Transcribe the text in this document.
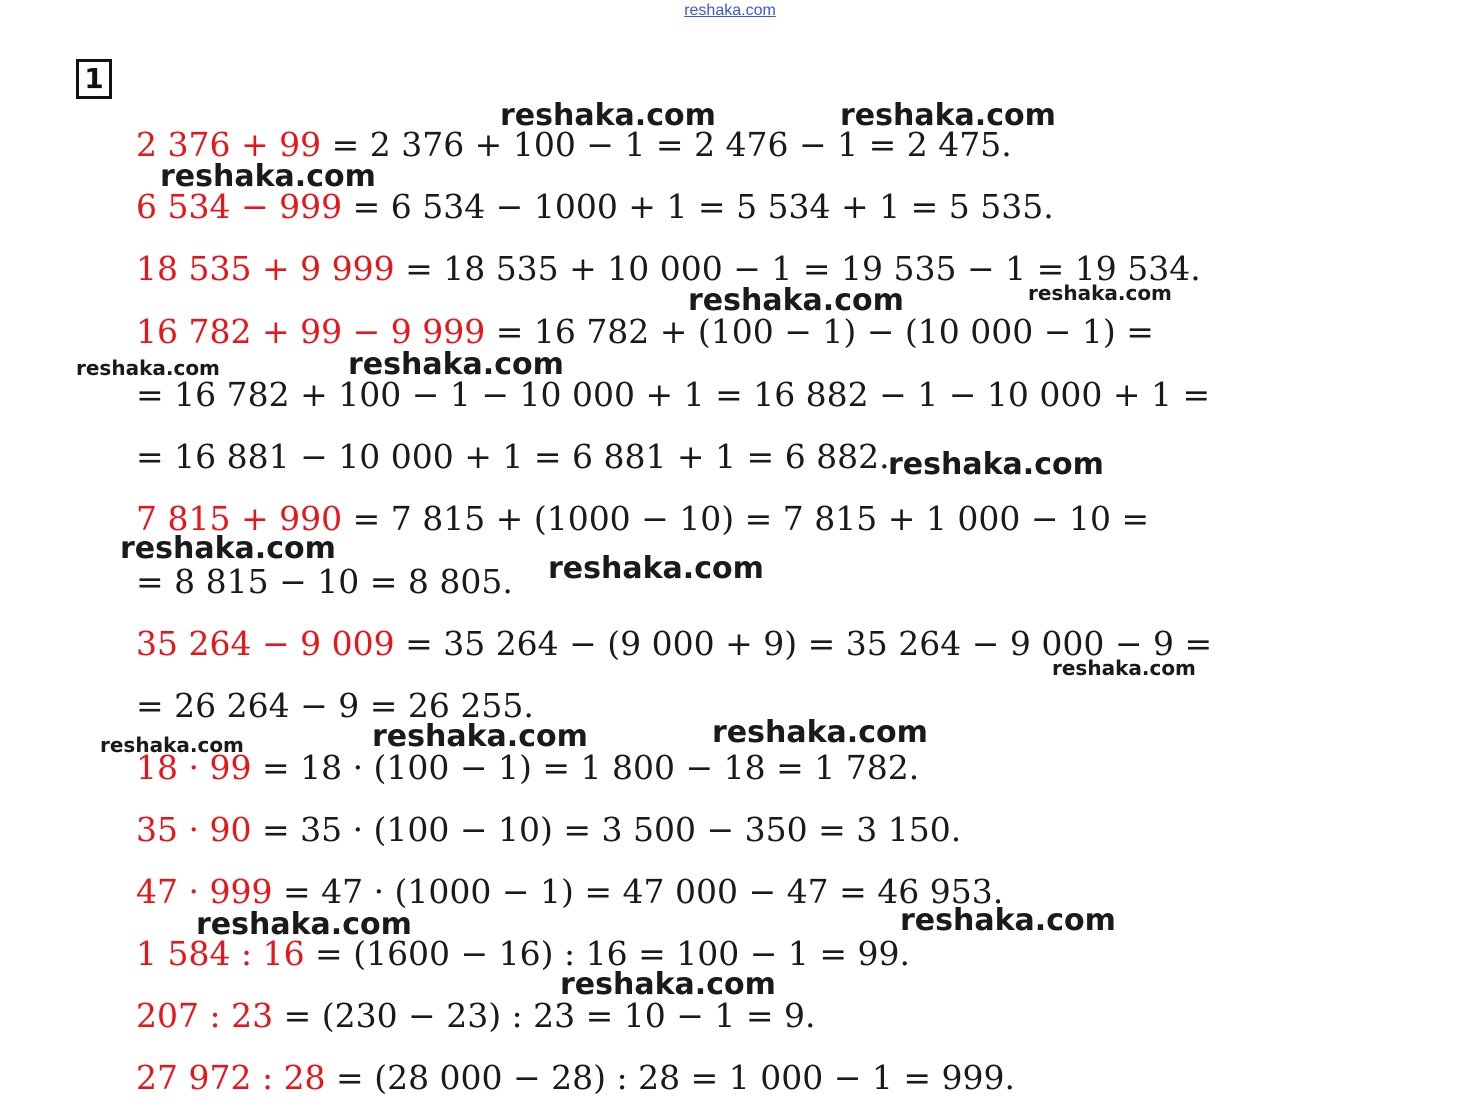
reshaka.com
1
2 376 + 99 = 2 376 + 100 − 1 = 2 476 − 1 = 2 475.
6 534 − 999 = 6 534 − 1000 + 1 = 5 534 + 1 = 5 535.
18 535 + 9 999 = 18 535 + 10 000 − 1 = 19 535 − 1 = 19 534.
16 782 + 99 − 9 999 = 16 782 + (100 − 1) − (10 000 − 1) =
= 16 782 + 100 − 1 − 10 000 + 1 = 16 882 − 1 − 10 000 + 1 =
= 16 881 − 10 000 + 1 = 6 881 + 1 = 6 882.
7 815 + 990 = 7 815 + (1000 − 10) = 7 815 + 1 000 − 10 =
= 8 815 − 10 = 8 805.
35 264 − 9 009 = 35 264 − (9 000 + 9) = 35 264 − 9 000 − 9 =
= 26 264 − 9 = 26 255.
18 · 99 = 18 · (100 − 1) = 1 800 − 18 = 1 782.
35 · 90 = 35 · (100 − 10) = 3 500 − 350 = 3 150.
47 · 999 = 47 · (1000 − 1) = 47 000 − 47 = 46 953.
1 584 : 16 = (1600 − 16) : 16 = 100 − 1 = 99.
207 : 23 = (230 − 23) : 23 = 10 − 1 = 9.
27 972 : 28 = (28 000 − 28) : 28 = 1 000 − 1 = 999.
reshaka.com	reshaka.com
reshaka.com
reshaka.com	reshaka.com
reshaka.com
reshaka.com
reshaka.com
reshaka.com
reshaka.com
reshaka.com
reshaka.com	reshaka.com
reshaka.com
reshaka.com	reshaka.com
reshaka.com
